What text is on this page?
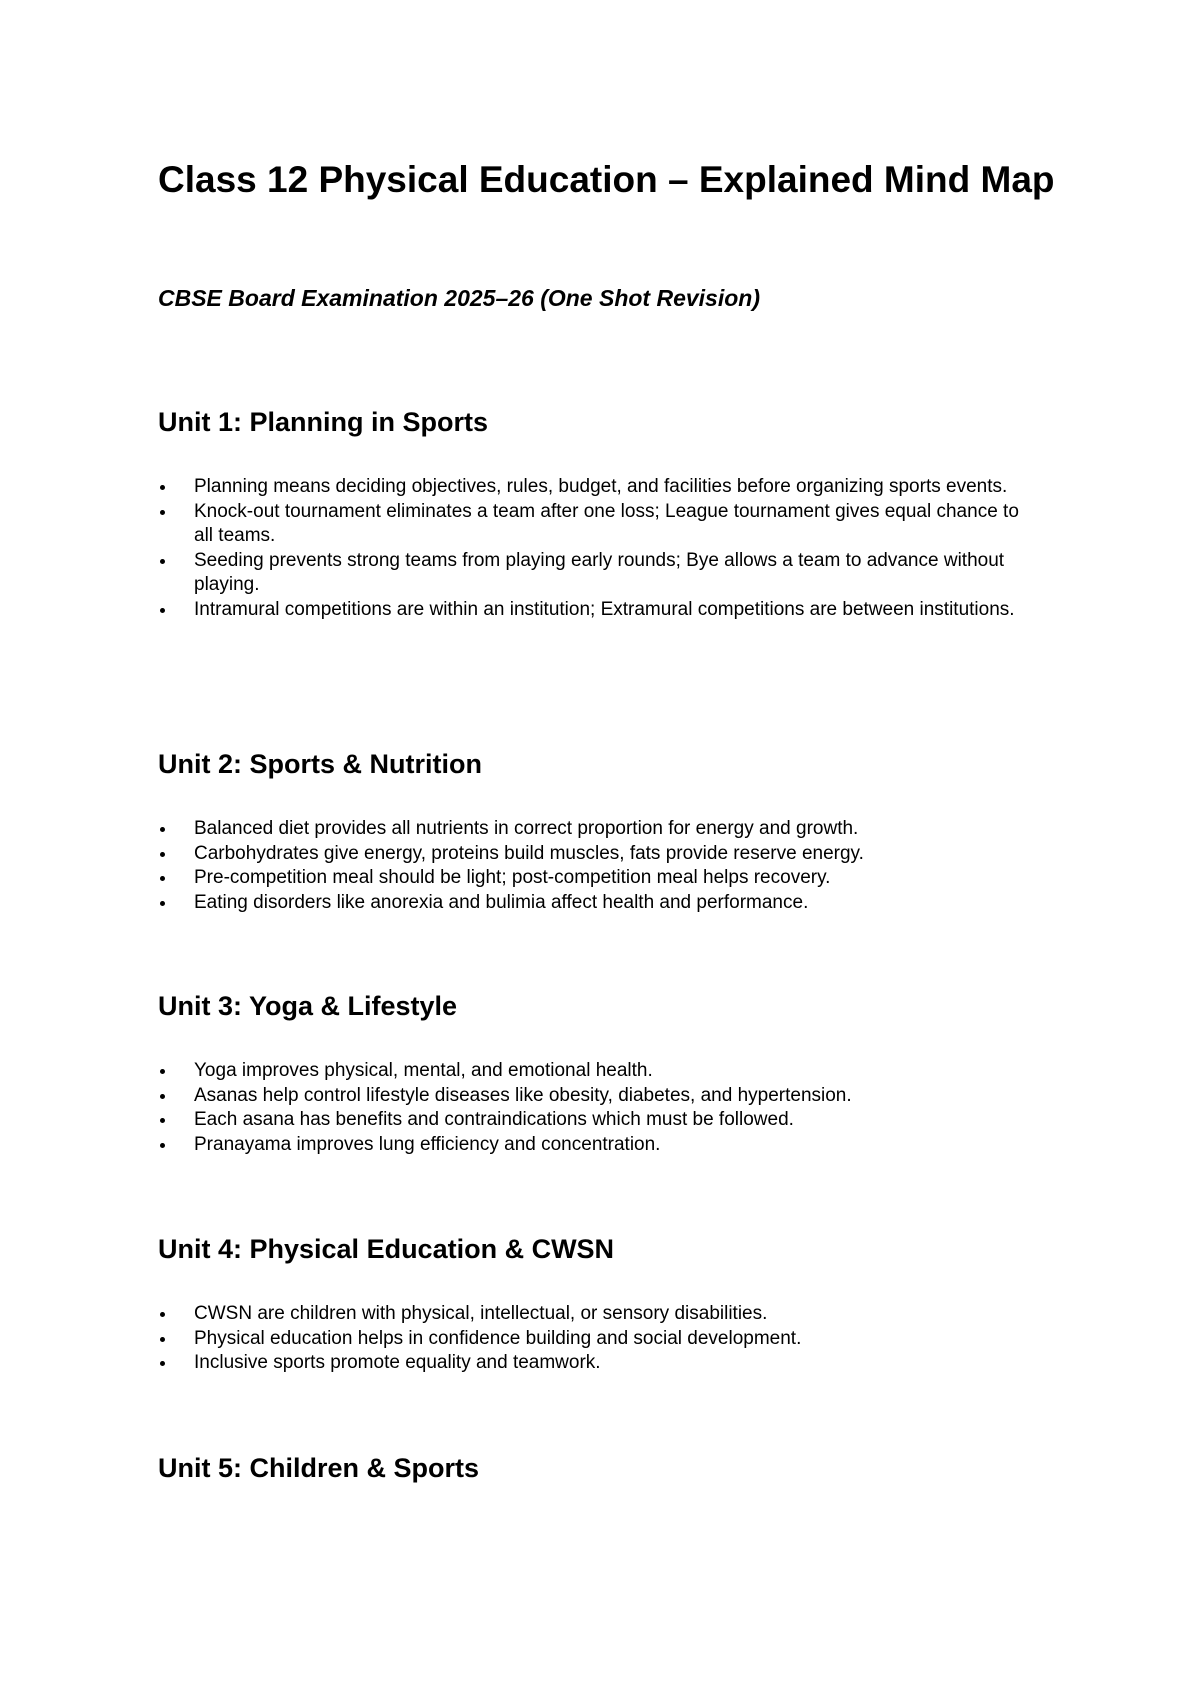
Class 12 Physical Education – Explained Mind Map

CBSE Board Examination 2025–26 (One Shot Revision)

Unit 1: Planning in Sports
Planning means deciding objectives, rules, budget, and facilities before organizing sports events.
Knock-out tournament eliminates a team after one loss; League tournament gives equal chance to all teams.
Seeding prevents strong teams from playing early rounds; Bye allows a team to advance without playing.
Intramural competitions are within an institution; Extramural competitions are between institutions.
Unit 2: Sports & Nutrition
Balanced diet provides all nutrients in correct proportion for energy and growth.
Carbohydrates give energy, proteins build muscles, fats provide reserve energy.
Pre-competition meal should be light; post-competition meal helps recovery.
Eating disorders like anorexia and bulimia affect health and performance.
Unit 3: Yoga & Lifestyle
Yoga improves physical, mental, and emotional health.
Asanas help control lifestyle diseases like obesity, diabetes, and hypertension.
Each asana has benefits and contraindications which must be followed.
Pranayama improves lung efficiency and concentration.
Unit 4: Physical Education & CWSN
CWSN are children with physical, intellectual, or sensory disabilities.
Physical education helps in confidence building and social development.
Inclusive sports promote equality and teamwork.
Unit 5: Children & Sports
